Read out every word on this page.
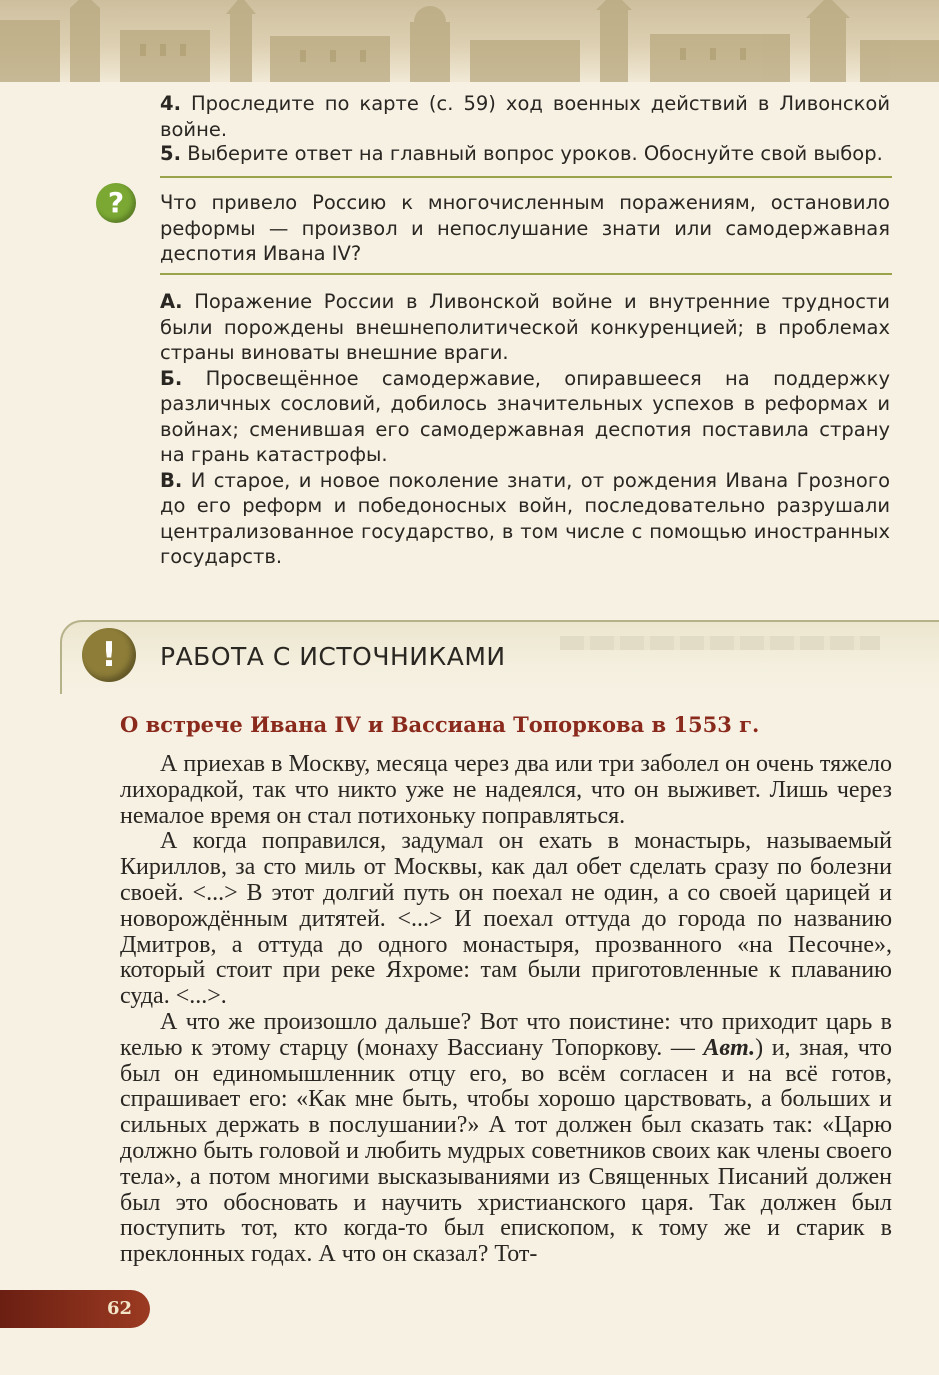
4. Проследите по карте (с. 59) ход военных действий в Ливонской войне.

5. Выберите ответ на главный вопрос уроков. Обоснуйте свой выбор.

?	Что привело Россию к многочисленным поражениям, остановило реформы — произвол и непослушание знати или самодержавная деспотия Ивана IV?

А. Поражение России в Ливонской войне и внутренние трудности были порождены внешнеполитической конкуренцией; в проблемах страны виноваты внешние враги.

Б. Просвещённое самодержавие, опиравшееся на поддержку различных сословий, добилось значительных успехов в реформах и войнах; сменившая его самодержавная деспотия поставила страну на грань катастрофы.

В. И старое, и новое поколение знати, от рождения Ивана Грозного до его реформ и победоносных войн, последовательно разрушали централизованное государство, в том числе с помощью иностранных государств.

!	РАБОТА С ИСТОЧНИКАМИ
О встрече Ивана IV и Вассиана Топоркова в 1553 г.

А приехав в Москву, месяца через два или три заболел он очень тяжело лихорадкой, так что никто уже не надеялся, что он выживет. Лишь через немалое время он стал потихоньку поправляться.

А когда поправился, задумал он ехать в монастырь, называемый Кириллов, за сто миль от Москвы, как дал обет сделать сразу по болезни своей. <...> В этот долгий путь он поехал не один, а со своей царицей и новорождённым дитятей. <...> И поехал оттуда до города по названию Дмитров, а оттуда до одного монастыря, прозванного «на Песочне», который стоит при реке Яхроме: там были приготовленные к плаванию суда. <...>.

А что же произошло дальше? Вот что поистине: что приходит царь в келью к этому старцу (монаху Вассиану Топоркову. — Авт.) и, зная, что был он единомышленник отцу его, во всём согласен и на всё готов, спрашивает его: «Как мне быть, чтобы хорошо царствовать, а больших и сильных держать в послушании?» А тот должен был сказать так: «Царю должно быть головой и любить мудрых советников своих как члены своего тела», а потом многими высказываниями из Священных Писаний должен был это обосновать и научить христианского царя. Так должен был поступить тот, кто когда-то был епископом, к тому же и старик в преклонных годах. А что он сказал? Тот-

62
